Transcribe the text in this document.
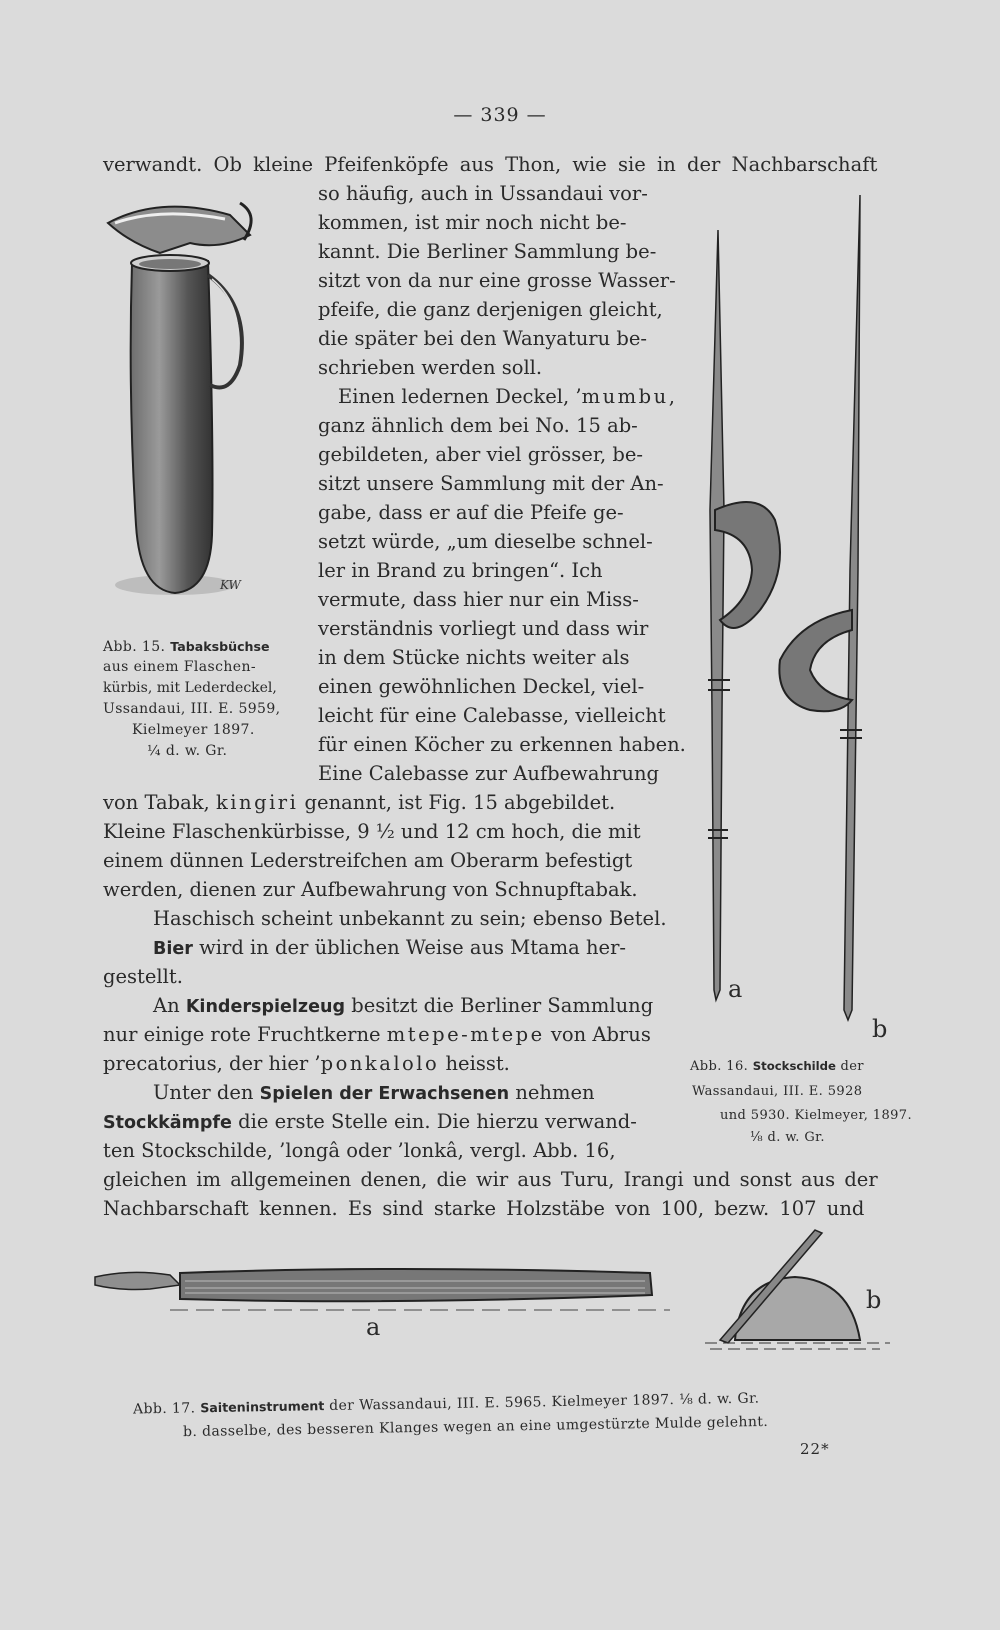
— 339 —
KW
a
b
a
b
verwandt. Ob kleine Pfeifenköpfe aus Thon, wie sie in der Nachbarschaft
so häufig, auch in Ussandaui vor-
kommen, ist mir noch nicht be-
kannt. Die Berliner Sammlung be-
sitzt von da nur eine grosse Wasser-
pfeife, die ganz derjenigen gleicht,
die später bei den Wanyaturu be-
schrieben werden soll.
Einen ledernen Deckel, ’mumbu,
ganz ähnlich dem bei No. 15 ab-
gebildeten, aber viel grösser, be-
sitzt unsere Sammlung mit der An-
gabe, dass er auf die Pfeife ge-
setzt würde, „um dieselbe schnel-
ler in Brand zu bringen“. Ich
vermute, dass hier nur ein Miss-
verständnis vorliegt und dass wir
in dem Stücke nichts weiter als
einen gewöhnlichen Deckel, viel-
leicht für eine Calebasse, vielleicht
für einen Köcher zu erkennen haben.
Eine Calebasse zur Aufbewahrung
von Tabak, kingiri genannt, ist Fig. 15 abgebildet.
Kleine Flaschenkürbisse, 9 ½ und 12 cm hoch, die mit
einem dünnen Lederstreifchen am Oberarm befestigt
werden, dienen zur Aufbewahrung von Schnupftabak.
Haschisch scheint unbekannt zu sein; ebenso Betel.
Bier wird in der üblichen Weise aus Mtama her-
gestellt.
An Kinderspielzeug besitzt die Berliner Sammlung
nur einige rote Fruchtkerne mtepe-mtepe von Abrus
precatorius, der hier ’ponkalolo heisst.
Unter den Spielen der Erwachsenen nehmen
Stockkämpfe die erste Stelle ein. Die hierzu verwand-
ten Stockschilde, ’longâ oder ’lonkâ, vergl. Abb. 16,
gleichen im allgemeinen denen, die wir aus Turu, Irangi und sonst aus der
Nachbarschaft kennen. Es sind starke Holzstäbe von 100, bezw. 107 und
Abb. 15. Tabaksbüchse
aus einem Flaschen-
kürbis, mit Lederdeckel,
Ussandaui, III. E. 5959,
Kielmeyer 1897.
¼ d. w. Gr.
Abb. 16. Stockschilde der
Wassandaui, III. E. 5928
und 5930. Kielmeyer, 1897.
⅛ d. w. Gr.
Abb. 17. Saiteninstrument der Wassandaui, III. E. 5965. Kielmeyer 1897. ⅛ d. w. Gr.
b. dasselbe, des besseren Klanges wegen an eine umgestürzte Mulde gelehnt.
22*
